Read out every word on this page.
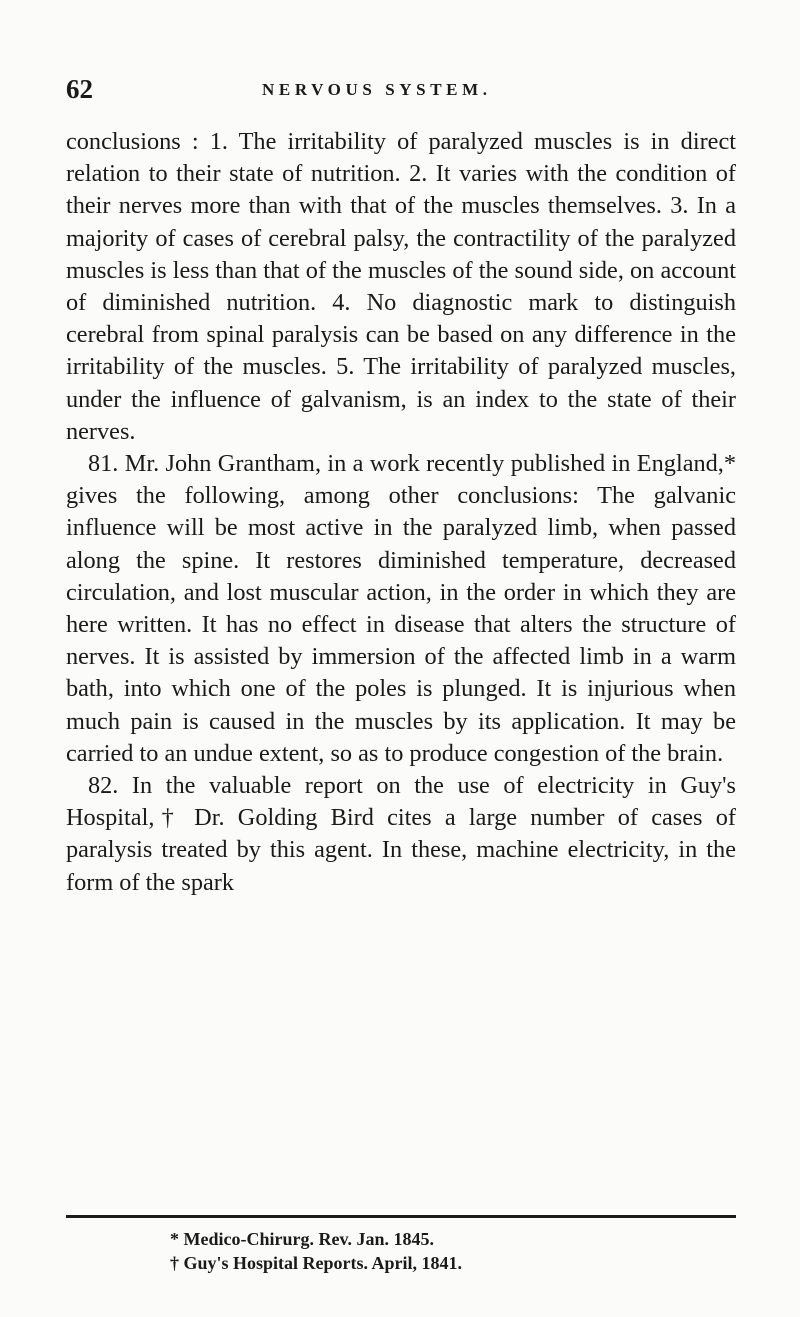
62	NERVOUS SYSTEM.

conclusions : 1. The irritability of paralyzed muscles is in direct relation to their state of nutrition. 2. It varies with the condition of their nerves more than with that of the muscles themselves. 3. In a majority of cases of cerebral palsy, the contractility of the paralyzed muscles is less than that of the muscles of the sound side, on account of diminished nutrition. 4. No diagnostic mark to distinguish cerebral from spinal paralysis can be based on any difference in the irritability of the muscles. 5. The irritability of paralyzed muscles, under the influence of galvanism, is an index to the state of their nerves.

81. Mr. John Grantham, in a work recently published in England,* gives the following, among other conclusions: The galvanic influence will be most active in the paralyzed limb, when passed along the spine. It restores diminished temperature, decreased circulation, and lost muscular action, in the order in which they are here written. It has no effect in disease that alters the structure of nerves. It is assisted by immersion of the affected limb in a warm bath, into which one of the poles is plunged. It is injurious when much pain is caused in the muscles by its application. It may be carried to an undue extent, so as to produce congestion of the brain.

82. In the valuable report on the use of electricity in Guy's Hospital,† Dr. Golding Bird cites a large number of cases of paralysis treated by this agent. In these, machine electricity, in the form of the spark

* Medico-Chirurg. Rev. Jan. 1845.
† Guy's Hospital Reports. April, 1841.
